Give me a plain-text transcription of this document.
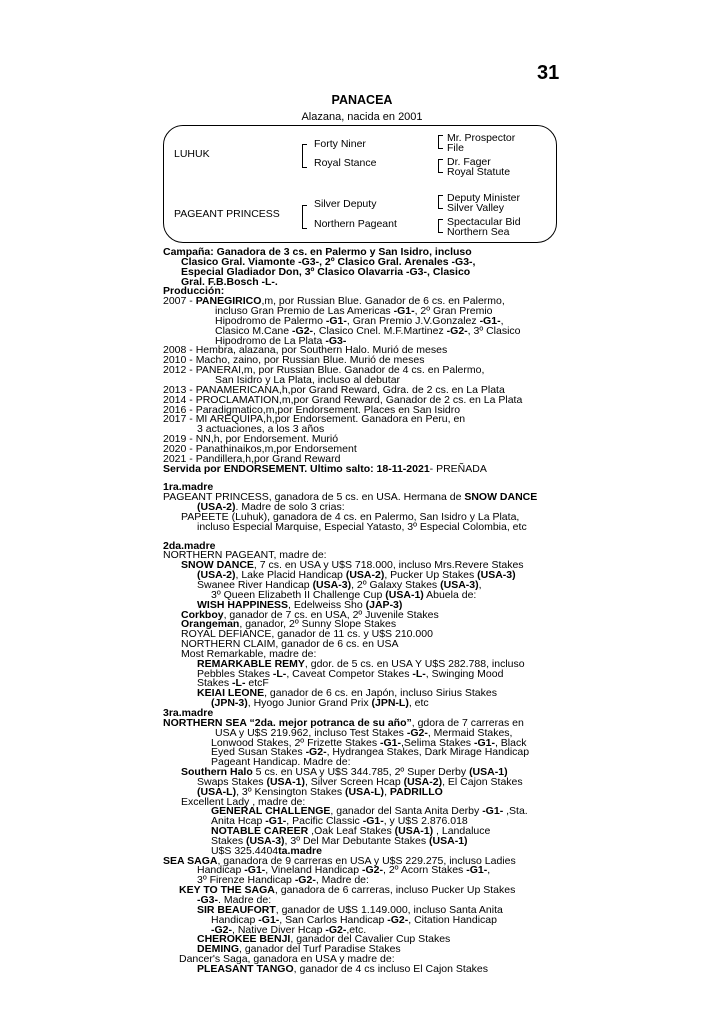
31
PANACEA
Alazana, nacida en 2001
LUHUK
PAGEANT PRINCESS
Forty Niner
Royal Stance
Silver Deputy
Northern Pageant
Mr. Prospector
File
Dr. Fager
Royal Statute
Deputy Minister
Silver Valley
Spectacular Bid
Northern Sea
Campaña: Ganadora de 3 cs. en Palermo y San Isidro, incluso
Clasico Gral. Viamonte -G3-, 2º Clasico Gral. Arenales -G3-,
Especial Gladiador Don, 3º Clasico Olavarria -G3-, Clasico
Gral. F.B.Bosch -L-.
Producción:
2007 - PANEGIRICO,m, por Russian Blue. Ganador de 6 cs. en Palermo,
incluso Gran Premio de Las Americas -G1-, 2º Gran Premio
Hipodromo de Palermo -G1-, Gran Premio J.V.Gonzalez -G1-,
Clasico M.Cane -G2-, Clasico Cnel. M.F.Martinez -G2-, 3º Clasico
Hipodromo de La Plata -G3-
2008 - Hembra, alazana, por Southern Halo. Murió de meses
2010 - Macho, zaino, por Russian Blue. Murió de meses
2012 - PANERAI,m, por Russian Blue. Ganador de 4 cs. en Palermo,
San Isidro y La Plata, incluso al debutar
2013 - PANAMERICANA,h,por Grand Reward, Gdra. de 2 cs. en La Plata
2014 - PROCLAMATION,m,por Grand Reward, Ganador de 2 cs. en La Plata
2016 - Paradigmatico,m,por Endorsement. Places en San Isidro
2017 - MI AREQUIPA,h,por Endorsement. Ganadora en Peru, en
3 actuaciones, a los 3 años
2019 - NN,h, por Endorsement. Murió
2020 - Panathinaikos,m,por Endorsement
2021 - Pandillera,h,por Grand Reward
Servida por ENDORSEMENT. Ultimo salto: 18-11-2021- PREÑADA
1ra.madre
PAGEANT PRINCESS, ganadora de 5 cs. en USA. Hermana de SNOW DANCE
(USA-2). Madre de solo 3 crias:
PAPEETE (Luhuk), ganadora de 4 cs. en Palermo, San Isidro y La Plata,
incluso Especial Marquise, Especial Yatasto, 3º Especial Colombia, etc
2da.madre
NORTHERN PAGEANT, madre de:
SNOW DANCE, 7 cs. en USA y U$S 718.000, incluso Mrs.Revere Stakes
(USA-2), Lake Placid Handicap (USA-2), Pucker Up Stakes (USA-3)
Swanee River Handicap (USA-3), 2º Galaxy Stakes (USA-3),
3º Queen Elizabeth II Challenge Cup (USA-1) Abuela de:
WISH HAPPINESS, Edelweiss Sho (JAP-3)
Corkboy, ganador de 7 cs. en USA, 2º Juvenile Stakes
Orangeman, ganador, 2º Sunny Slope Stakes
ROYAL DEFIANCE, ganador de 11 cs. y U$S 210.000
NORTHERN CLAIM, ganador de 6 cs. en USA
Most Remarkable, madre de:
REMARKABLE REMY, gdor. de 5 cs. en USA Y U$S 282.788, incluso
Pebbles Stakes -L-, Caveat Competor Stakes -L-, Swinging Mood
Stakes -L- etcF
KEIAI LEONE, ganador de 6 cs. en Japón, incluso Sirius Stakes
(JPN-3), Hyogo Junior Grand Prix (JPN-L), etc
3ra.madre
NORTHERN SEA “2da. mejor potranca de su año”, gdora de 7 carreras en
USA y U$S 219.962, incluso Test Stakes -G2-, Mermaid Stakes,
Lonwood Stakes, 2º Frizette Stakes -G1-,Selima Stakes -G1-, Black
Eyed Susan Stakes -G2-, Hydrangea Stakes, Dark Mirage Handicap
Pageant Handicap. Madre de:
Southern Halo 5 cs. en USA y U$S 344.785, 2º Super Derby (USA-1)
Swaps Stakes (USA-1), Silver Screen Hcap (USA-2), El Cajon Stakes
(USA-L), 3º Kensington Stakes (USA-L), PADRILLO
Excellent Lady , madre de:
GENERAL CHALLENGE, ganador del Santa Anita Derby -G1- ,Sta.
Anita Hcap -G1-, Pacific Classic -G1-, y U$S 2.876.018
NOTABLE CAREER ,Oak Leaf Stakes (USA-1) , Landaluce
Stakes (USA-3), 3º Del Mar Debutante Stakes (USA-1)
U$S 325.4404ta.madre
SEA SAGA, ganadora de 9 carreras en USA y U$S 229.275, incluso Ladies
Handicap -G1-, Vineland Handicap -G2-, 2º Acorn Stakes -G1-,
3º Firenze Handicap -G2-, Madre de:
KEY TO THE SAGA, ganadora de 6 carreras, incluso Pucker Up Stakes
-G3-. Madre de:
SIR BEAUFORT, ganador de U$S 1.149.000, incluso Santa Anita
Handicap -G1-, San Carlos Handicap -G2-, Citation Handicap
-G2-, Native Diver Hcap -G2-,etc.
CHEROKEE BENJI, ganador del Cavalier Cup Stakes
DEMING, ganador del Turf Paradise Stakes
Dancer's Saga, ganadora en USA y madre de:
PLEASANT TANGO, ganador de 4 cs incluso El Cajon Stakes
